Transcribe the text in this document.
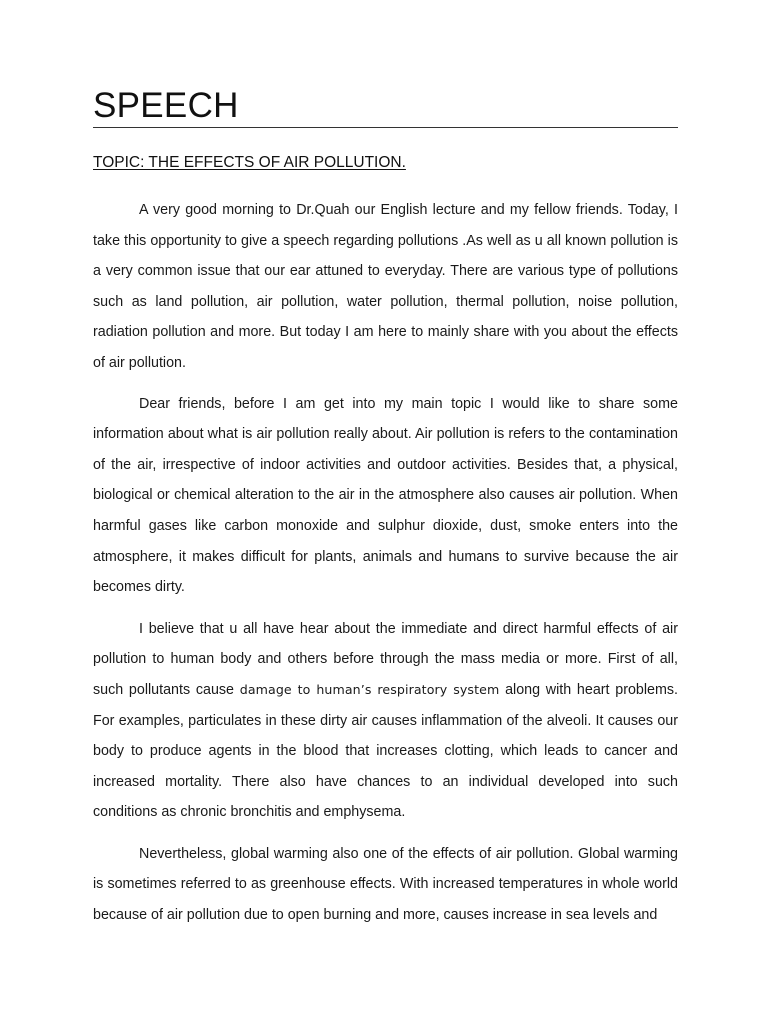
SPEECH
TOPIC: THE EFFECTS OF AIR POLLUTION.

A very good morning to Dr.Quah our English lecture and my fellow friends. Today, I take this opportunity to give a speech regarding pollutions .As well as u all known pollution is a very common issue that our ear attuned to everyday. There are various type of pollutions such as land pollution, air pollution, water pollution, thermal pollution, noise pollution, radiation pollution and more. But today I am here to mainly share with you about the effects of air pollution.

Dear friends, before I am get into my main topic I would like to share some information about what is air pollution really about. Air pollution is refers to the contamination of the air, irrespective of indoor activities and outdoor activities. Besides that, a physical, biological or chemical alteration to the air in the atmosphere also causes air pollution. When harmful gases like carbon monoxide and sulphur dioxide, dust, smoke enters into the atmosphere, it makes difficult for plants, animals and humans to survive because the air becomes dirty.

I believe that u all have hear about the immediate and direct harmful effects of air pollution to human body and others before through the mass media or more. First of all, such pollutants cause damage to human’s respiratory system along with heart problems. For examples, particulates in these dirty air causes inflammation of the alveoli. It causes our body to produce agents in the blood that increases clotting, which leads to cancer and increased mortality. There also have chances to an individual developed into such conditions as chronic bronchitis and emphysema.

Nevertheless, global warming also one of the effects of air pollution. Global warming is sometimes referred to as greenhouse effects. With increased temperatures in whole world because of air pollution due to open burning and more, causes increase in sea levels and
